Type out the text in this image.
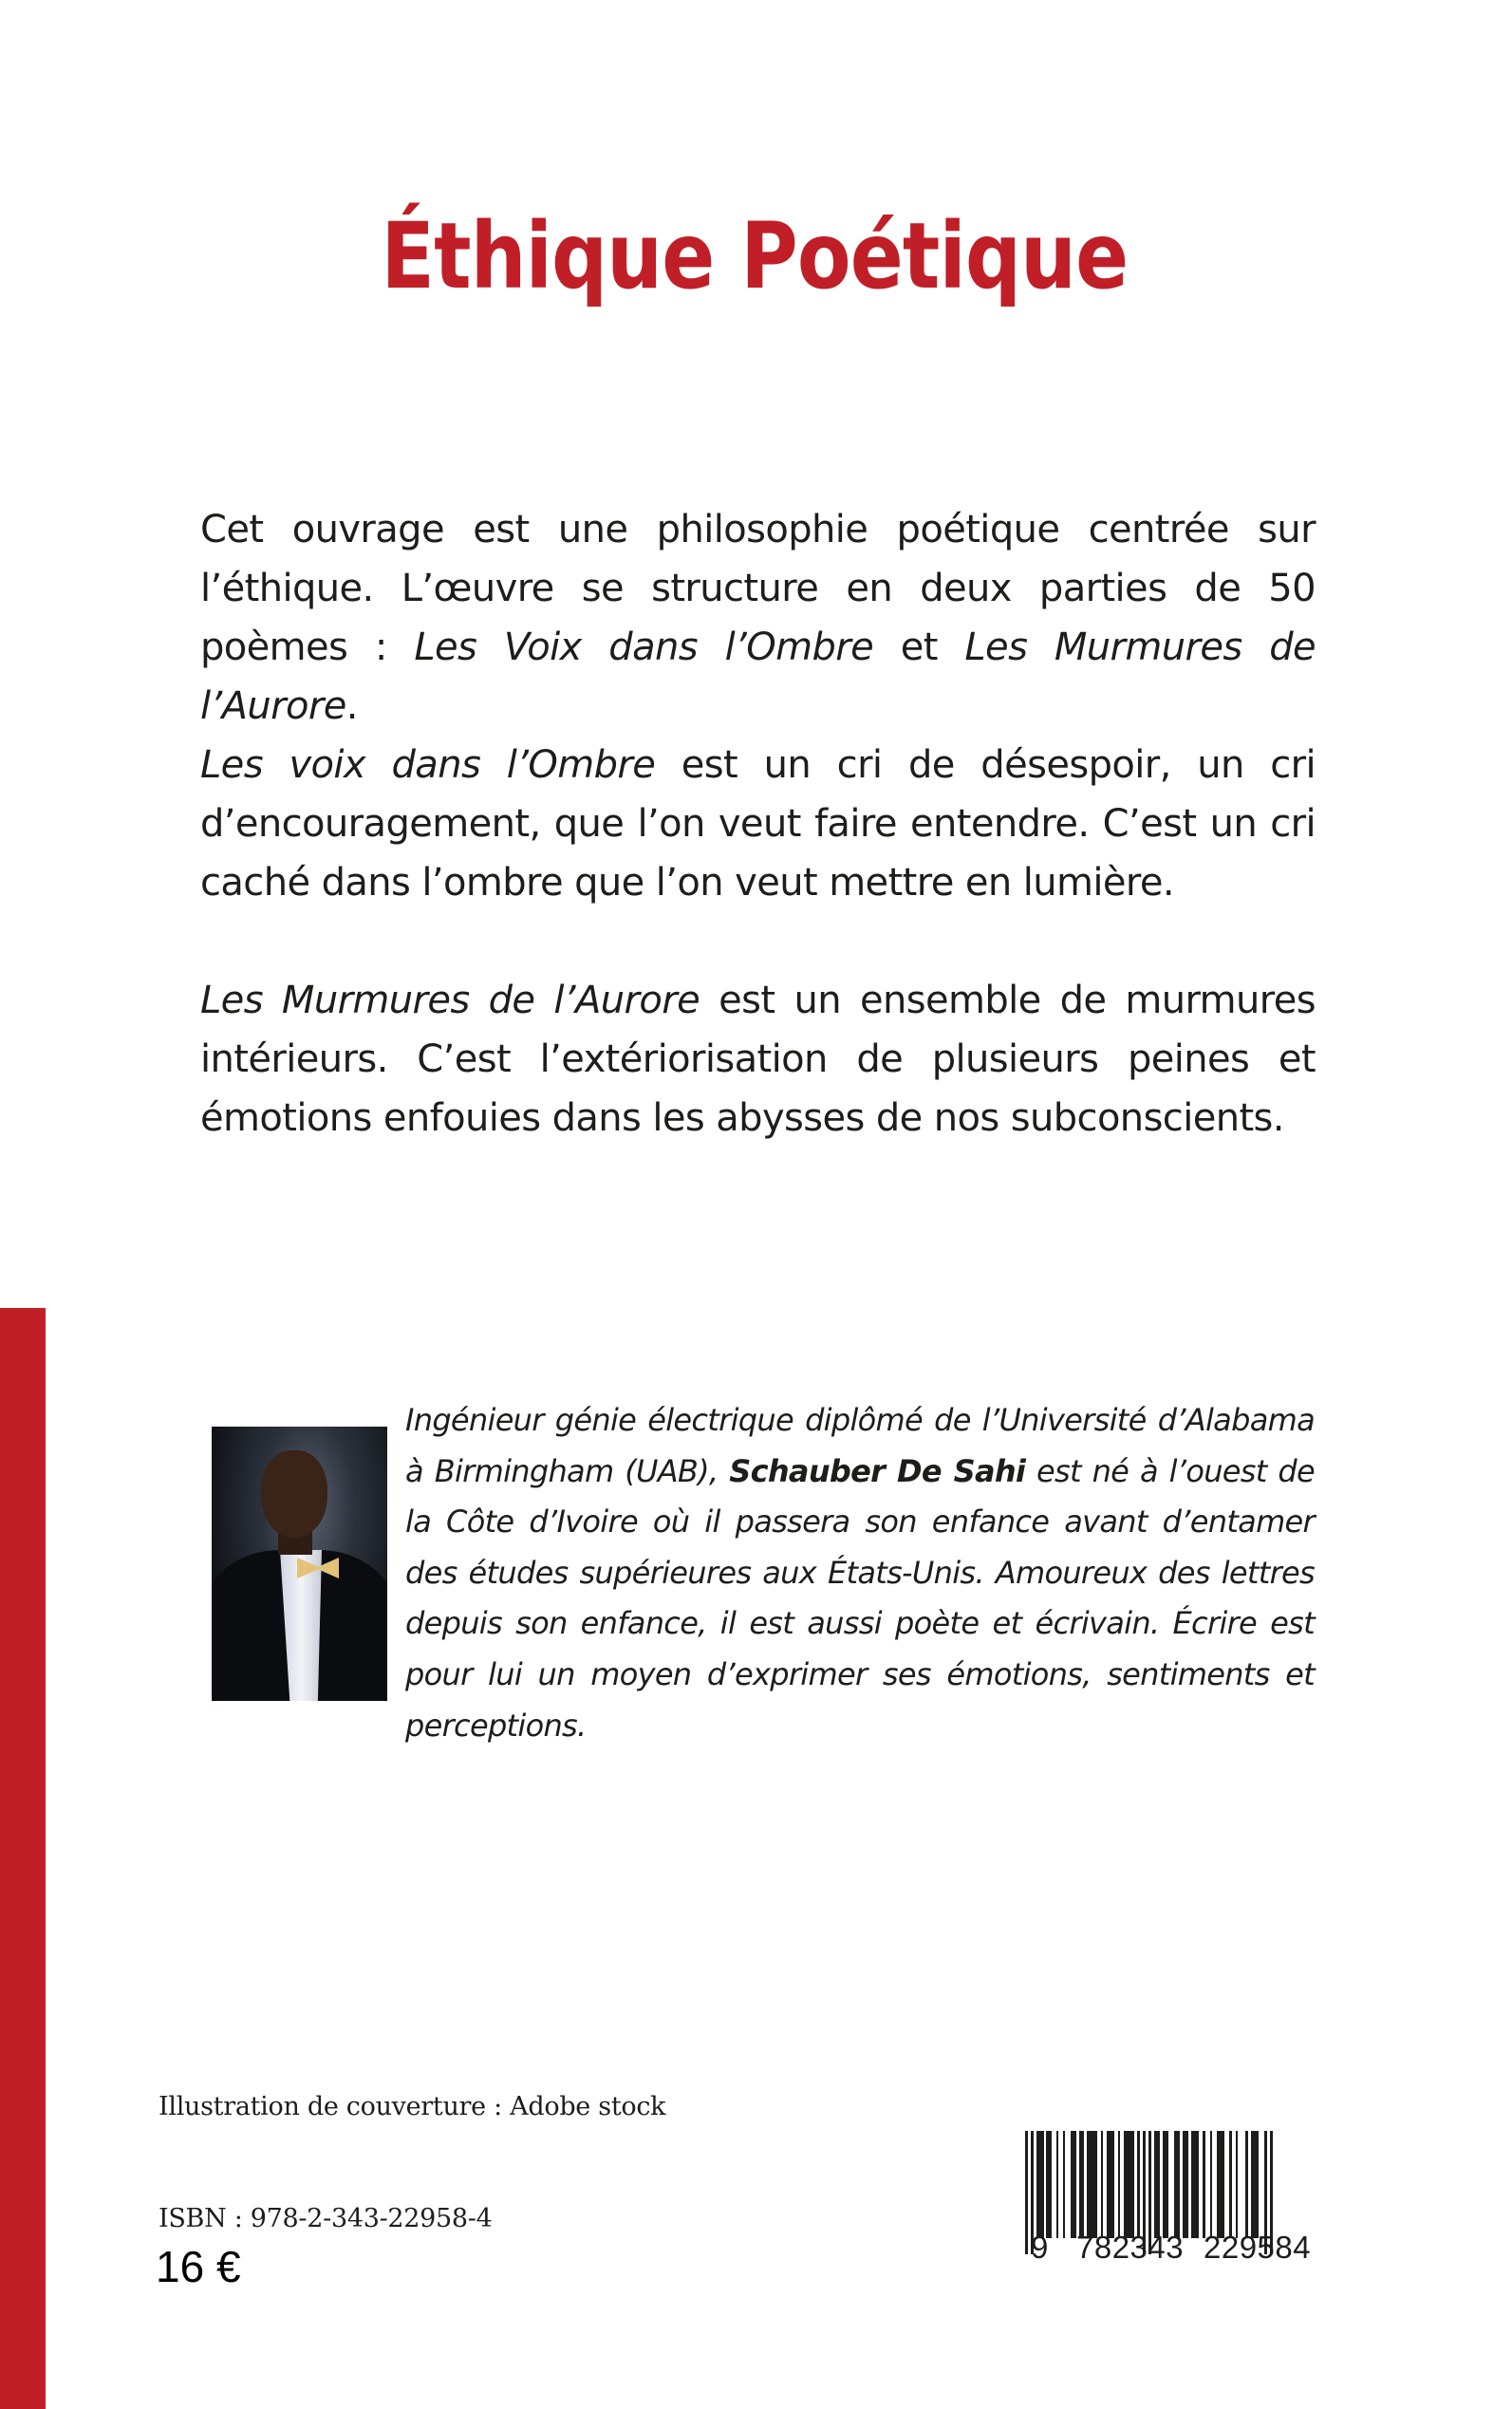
Éthique Poétique

Cet ouvrage est une philosophie poétique centrée sur l’éthique. L’œuvre se structure en deux parties de 50 poèmes : Les Voix dans l’Ombre et Les Murmures de l’Aurore.

Les voix dans l’Ombre est un cri de désespoir, un cri d’encouragement, que l’on veut faire entendre. C’est un cri caché dans l’ombre que l’on veut mettre en lumière.

Les Murmures de l’Aurore est un ensemble de murmures intérieurs. C’est l’extériorisation de plusieurs peines et émotions enfouies dans les abysses de nos subconscients.

Ingénieur génie électrique diplômé de l’Université d’Alabama à Birmingham (UAB), Schauber De Sahi est né à l’ouest de la Côte d’Ivoire où il passera son enfance avant d’entamer des études supérieures aux États-Unis. Amoureux des lettres depuis son enfance, il est aussi poète et écrivain. Écrire est pour lui un moyen d’exprimer ses émotions, sentiments et perceptions.

Illustration de couverture : Adobe stock

ISBN : 978-2-343-22958-4

16 €	9 782343 229584
